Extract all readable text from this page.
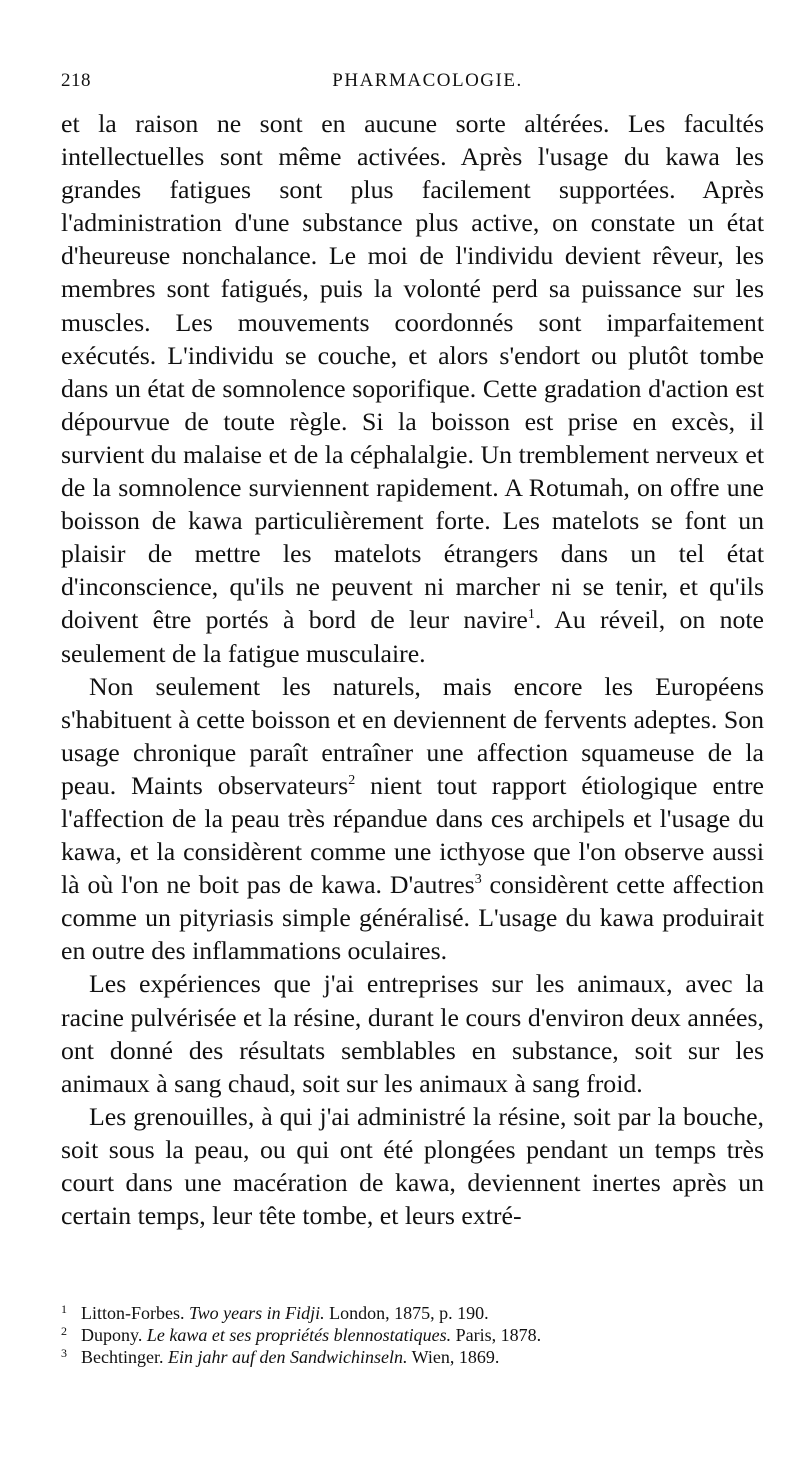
218	PHARMACOLOGIE.

et la raison ne sont en aucune sorte altérées. Les facultés intellectuelles sont même activées. Après l'usage du kawa les grandes fatigues sont plus facilement supportées. Après l'administration d'une substance plus active, on constate un état d'heureuse nonchalance. Le moi de l'individu devient rêveur, les membres sont fatigués, puis la volonté perd sa puissance sur les muscles. Les mouvements coordonnés sont imparfaitement exécutés. L'individu se couche, et alors s'endort ou plutôt tombe dans un état de somnolence soporifique. Cette gradation d'action est dépourvue de toute règle. Si la boisson est prise en excès, il survient du malaise et de la céphalalgie. Un tremblement nerveux et de la somnolence surviennent rapidement. A Rotumah, on offre une boisson de kawa particulièrement forte. Les matelots se font un plaisir de mettre les matelots étrangers dans un tel état d'inconscience, qu'ils ne peuvent ni marcher ni se tenir, et qu'ils doivent être portés à bord de leur navire$^1$. Au réveil, on note seulement de la fatigue musculaire.

Non seulement les naturels, mais encore les Européens s'habituent à cette boisson et en deviennent de fervents adeptes. Son usage chronique paraît entraîner une affection squameuse de la peau. Maints observateurs$^2$ nient tout rapport étiologique entre l'affection de la peau très répandue dans ces archipels et l'usage du kawa, et la considèrent comme une icthyose que l'on observe aussi là où l'on ne boit pas de kawa. D'autres$^3$ considèrent cette affection comme un pityriasis simple généralisé. L'usage du kawa produirait en outre des inflammations oculaires.

Les expériences que j'ai entreprises sur les animaux, avec la racine pulvérisée et la résine, durant le cours d'environ deux années, ont donné des résultats semblables en substance, soit sur les animaux à sang chaud, soit sur les animaux à sang froid.

Les grenouilles, à qui j'ai administré la résine, soit par la bouche, soit sous la peau, ou qui ont été plongées pendant un temps très court dans une macération de kawa, deviennent inertes après un certain temps, leur tête tombe, et leurs extré-

1 Litton-Forbes. Two years in Fidji. London, 1875, p. 190.
2 Dupony. Le kawa et ses propriétés blennostatiques. Paris, 1878.
3 Bechtinger. Ein jahr auf den Sandwichinseln. Wien, 1869.
